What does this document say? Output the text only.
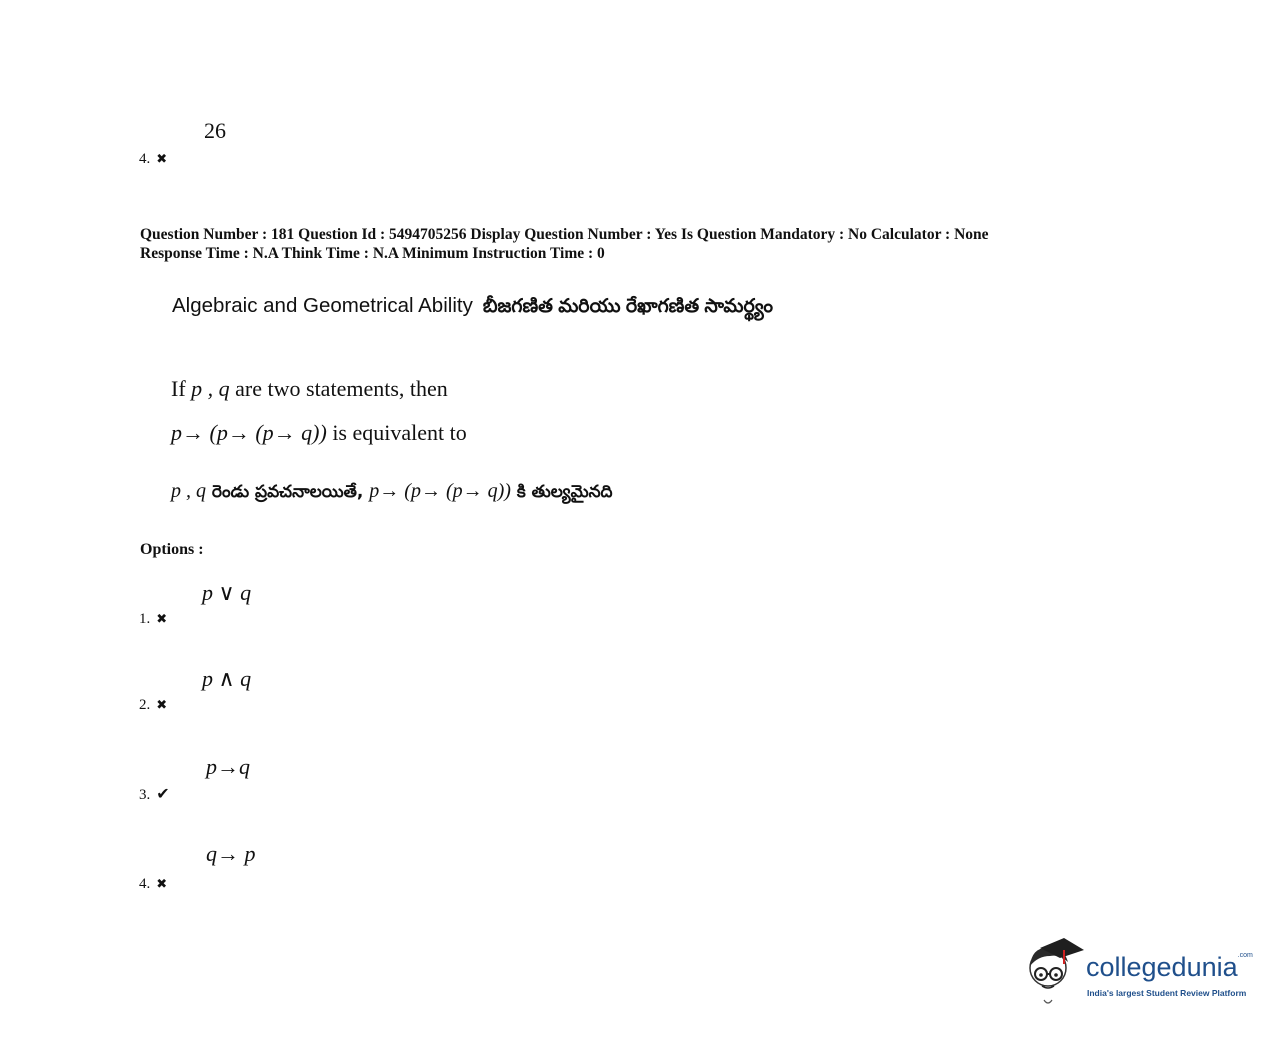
26
4. ✖
Question Number : 181 Question Id : 5494705256 Display Question Number : Yes Is Question Mandatory : No Calculator : None
Response Time : N.A Think Time : N.A Minimum Instruction Time : 0
Algebraic and Geometrical Ability బీజగణిత మరియు రేఖాగణిత సామర్థ్యం
If p , q are two statements, then
p→ (p→ (p→ q)) is equivalent to
p , q రెండు ప్రవచనాలయితే, p→ (p→ (p→ q)) కి తుల్యమైనది
Options :
p ∨ q
1. ✖
p ∧ q
2. ✖
p→q
3. ✔
q→ p
4. ✖
collegedunia$^{.com}$
India's largest Student Review Platform
